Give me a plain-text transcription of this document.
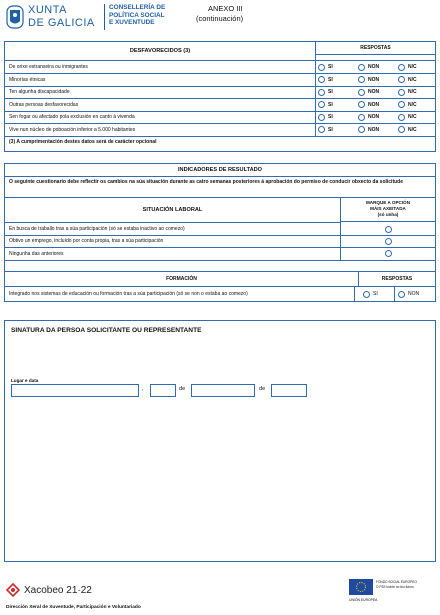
XUNTA
DE GALICIA
CONSELLERÍA DE
POLÍTICA SOCIAL
E XUVENTUDE
ANEXO III
(continuación)
DESFAVORECIDOS (3)	RESPOSTAS
De orixe estranxeira ou inmigrantes	SI	NON	N/C
Minorías étnicas	SI	NON	N/C
Ten algunha discapacidade	SI	NON	N/C
Outras persoas desfavorecidas	SI	NON	N/C
Sen fogar ou afectado pola exclusión en canto á vivenda	SI	NON	N/C
Vive nun núcleo de poboación inferior a 5.000 habitantes	SI	NON	N/C
(3) A cumprimentación destes datos será de carácter opcional
INDICADORES DE RESULTADO
O seguinte cuestionario debe reflectir os cambios na súa situación durante as catro semanas posteriores á aprobación do permiso de conducir obxecto da solicitude
SITUACIÓN LABORAL
MARQUE A OPCIÓN
MÁIS AXEITADA
(só unha)
En busca de traballo tras a súa participación (só se estaba inactivo ao comezo)
Obtivo un emprego, incluído por conta propia, tras a súa participación
Ningunha das anteriores
FORMACIÓN	RESPOSTAS
Integrado nos sistemas de educación ou formación tras a súa participación (só se non o estaba ao comezo)	SI	NON
SINATURA DA PERSOA SOLICITANTE OU REPRESENTANTE
Lugar e data
,	de	de
Xacobeo 21·22
Dirección Xeral de Xuventude, Participación e Voluntariado
FONDO SOCIAL EUROPEO
O FSE invirte no teu futuro
UNIÓN EUROPEA
